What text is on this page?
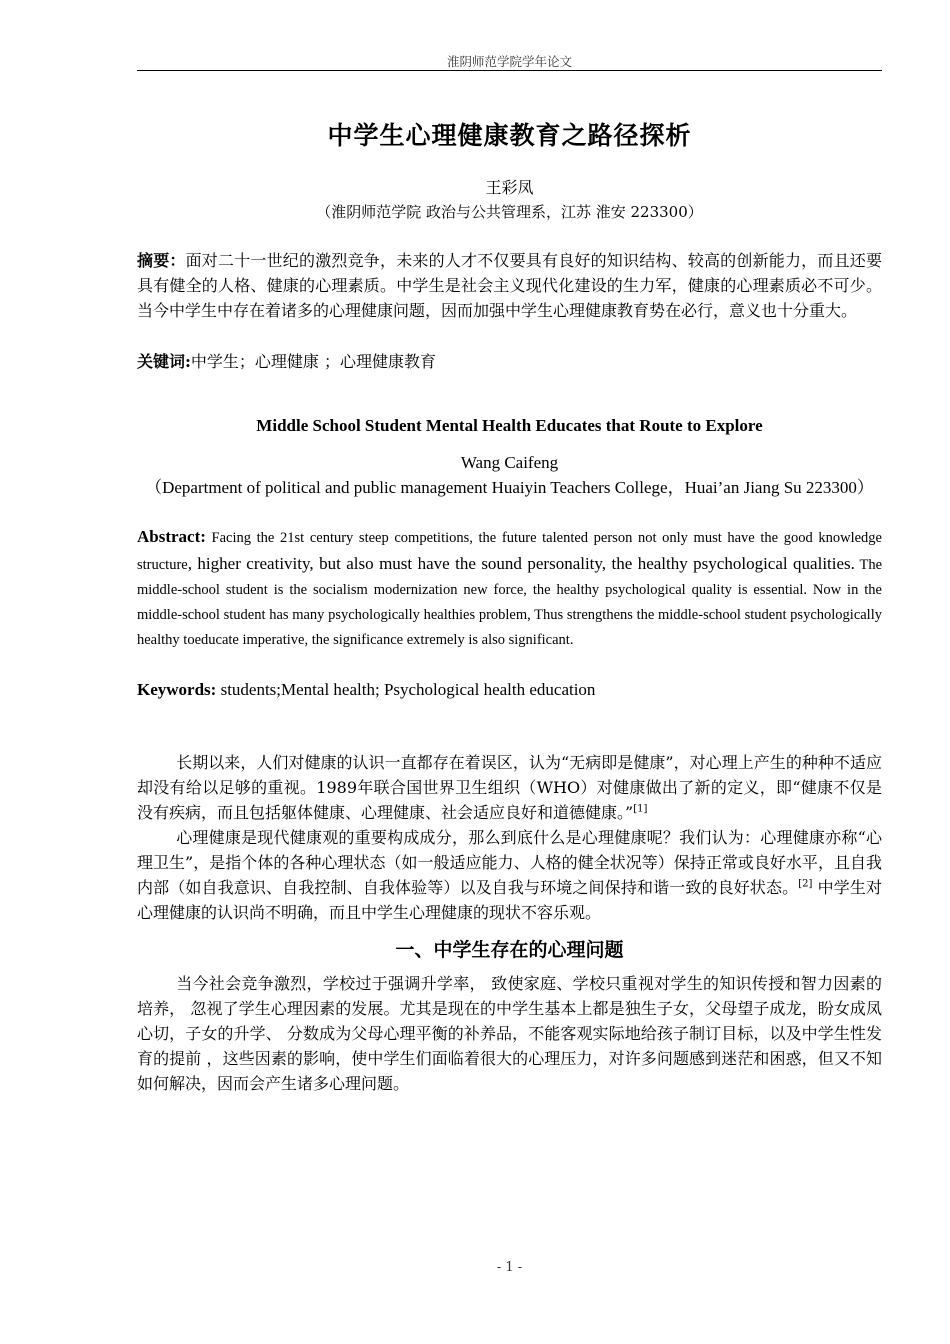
淮阴师范学院学年论文
中学生心理健康教育之路径探析
王彩凤
（淮阴师范学院 政治与公共管理系，江苏 淮安 223300）
摘要：面对二十一世纪的激烈竞争，未来的人才不仅要具有良好的知识结构、较高的创新能力，而且还要具有健全的人格、健康的心理素质。中学生是社会主义现代化建设的生力军，健康的心理素质必不可少。当今中学生中存在着诸多的心理健康问题，因而加强中学生心理健康教育势在必行，意义也十分重大。
关键词:中学生；心理健康 ；心理健康教育
Middle School Student Mental Health Educates that Route to Explore
Wang Caifeng
（Department of political and public management Huaiyin Teachers College，Huai’an Jiang Su 223300）
Abstract: Facing the 21st century steep competitions, the future talented person not only must have the good knowledge structure, higher creativity, but also must have the sound personality, the healthy psychological qualities. The middle-school student is the socialism modernization new force, the healthy psychological quality is essential. Now in the middle-school student has many psychologically healthies problem, Thus strengthens the middle-school student psychologically healthy toeducate imperative, the significance extremely is also significant.
Keywords: students;Mental health; Psychological health education

长期以来，人们对健康的认识一直都存在着误区，认为“无病即是健康”，对心理上产生的种种不适应却没有给以足够的重视。1989年联合国世界卫生组织（WHO）对健康做出了新的定义，即“健康不仅是没有疾病，而且包括躯体健康、心理健康、社会适应良好和道德健康。”[1]

心理健康是现代健康观的重要构成成分，那么到底什么是心理健康呢？我们认为：心理健康亦称“心理卫生”，是指个体的各种心理状态（如一般适应能力、人格的健全状况等）保持正常或良好水平，且自我内部（如自我意识、自我控制、自我体验等）以及自我与环境之间保持和谐一致的良好状态。[2] 中学生对心理健康的认识尚不明确，而且中学生心理健康的现状不容乐观。

一、中学生存在的心理问题

当今社会竞争激烈，学校过于强调升学率， 致使家庭、学校只重视对学生的知识传授和智力因素的培养， 忽视了学生心理因素的发展。尤其是现在的中学生基本上都是独生子女，父母望子成龙，盼女成凤心切，子女的升学、 分数成为父母心理平衡的补养品，不能客观实际地给孩子制订目标，以及中学生性发育的提前 ，这些因素的影响，使中学生们面临着很大的心理压力，对许多问题感到迷茫和困惑，但又不知如何解决，因而会产生诸多心理问题。

- 1 -
